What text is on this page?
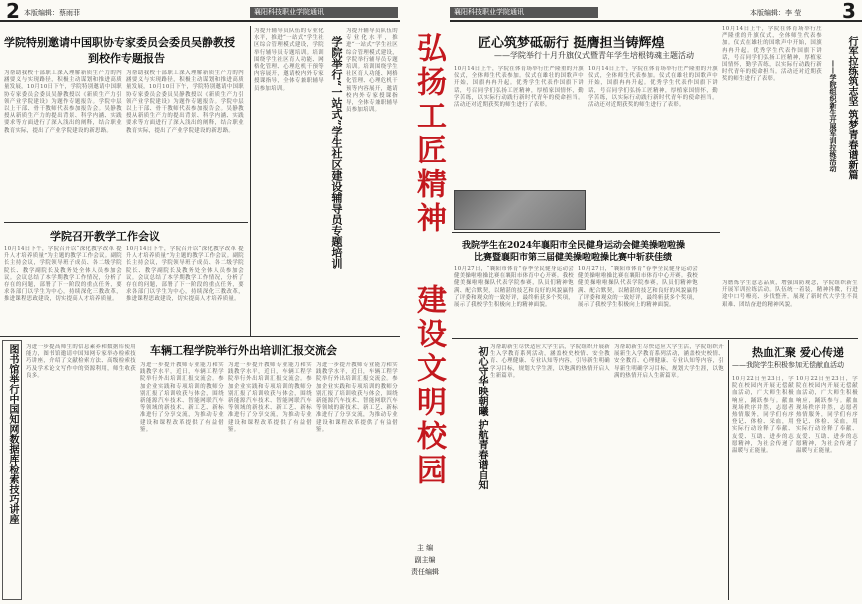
2 本版编辑：蔡雨菲	襄阳科技职业学院通讯	襄阳科技职业学院通讯	本版编辑：李 莹 3
学院特别邀请中国职协专家委员会委员吴静教授
到校作专题报告
为帮助我校干部职工深入理解新质生产力的内涵要义与实现路径，积极主动谋划和推进高质量发展，10月10日下午，学院特别邀请中国职协专家委员会委员吴静教授以《新质生产力引领产业学院建设》为题作专题报告。学院中层以上干部、骨干教师代表参加报告会。吴静教授从新质生产力的提出背景、科学内涵、实践要求等方面进行了深入浅出的阐释，结合职业教育实际，提出了产业学院建设的新思路。
为帮助我校干部职工深入理解新质生产力的内涵要义与实现路径，积极主动谋划和推进高质量发展，10月10日下午，学院特别邀请中国职协专家委员会委员吴静教授以《新质生产力引领产业学院建设》为题作专题报告。学院中层以上干部、骨干教师代表参加报告会。吴静教授从新质生产力的提出背景、科学内涵、实践要求等方面进行了深入浅出的阐释，结合职业教育实际，提出了产业学院建设的新思路。
学院召开教学工作会议
10月14日下午，学院召开以“深化教学改革 提升人才培养质量”为主题的教学工作会议。副院长主持会议，学院领导班子成员、各二级学院院长、教学副院长及教务处全体人员参加会议。会议总结了本学期教学工作情况，分析了存在的问题，部署了下一阶段的重点任务，要求各部门以学生为中心，持续深化三教改革，推进课程思政建设，切实提高人才培养质量。
10月14日下午，学院召开以“深化教学改革 提升人才培养质量”为主题的教学工作会议。副院长主持会议，学院领导班子成员、各二级学院院长、教学副院长及教务处全体人员参加会议。会议总结了本学期教学工作情况，分析了存在的问题，部署了下一阶段的重点任务，要求各部门以学生为中心，持续深化三教改革，推进课程思政建设，切实提高人才培养质量。
为提升辅导员队伍的专业化水平，推进“一站式”学生社区综合管理模式建设，学院举行辅导员专题培训。培训围绕学生社区育人功能、网格化管理、心理危机干预等内容展开，邀请校内外专家授课指导，全体专兼职辅导员参加培训。	学院举行“一站式”学生社区建设辅导员专题培训
为提升辅导员队伍的专业化水平，推进“一站式”学生社区综合管理模式建设，学院举行辅导员专题培训。培训围绕学生社区育人功能、网格化管理、心理危机干预等内容展开，邀请校内外专家授课指导，全体专兼职辅导员参加培训。
图书馆举行中国知网数据库检索技巧讲座	为进一步提高师生的信息素养和数据库使用能力，图书馆邀请中国知网专家举办检索技巧讲座，介绍了文献检索方法、高级检索技巧及学术论文写作中的资源利用，师生收获良多。
车辆工程学院举行外出培训汇报交流会
为进一步提升教师专业能力和实践教学水平，近日，车辆工程学院举行外出培训汇报交流会。参加企业实践和专项培训的教师分别汇报了培训收获与体会，围绕新能源汽车技术、智能网联汽车等领域的新技术、新工艺、新标准进行了分享交流，为推动专业建设和课程改革提供了有益借鉴。
为进一步提升教师专业能力和实践教学水平，近日，车辆工程学院举行外出培训汇报交流会。参加企业实践和专项培训的教师分别汇报了培训收获与体会，围绕新能源汽车技术、智能网联汽车等领域的新技术、新工艺、新标准进行了分享交流，为推动专业建设和课程改革提供了有益借鉴。
为进一步提升教师专业能力和实践教学水平，近日，车辆工程学院举行外出培训汇报交流会。参加企业实践和专项培训的教师分别汇报了培训收获与体会，围绕新能源汽车技术、智能网联汽车等领域的新技术、新工艺、新标准进行了分享交流，为推动专业建设和课程改革提供了有益借鉴。
弘扬工匠精神
建设文明校园
主 编
副主编
责任编辑
匠心筑梦砥砺行 挺膺担当铸辉煌
——学院举行十月升旗仪式暨青年学生培根铸魂主题活动
10月14日上午，学院在体育场举行庄严隆重的升旗仪式，全体师生代表参加。仪式在雄壮的国歌声中开始，国旗冉冉升起。优秀学生代表作国旗下讲话，号召同学们弘扬工匠精神，厚植家国情怀，勤学苦练，以实际行动践行新时代青年的使命担当。活动还对近期获奖的师生进行了表彰。
10月14日上午，学院在体育场举行庄严隆重的升旗仪式，全体师生代表参加。仪式在雄壮的国歌声中开始，国旗冉冉升起。优秀学生代表作国旗下讲话，号召同学们弘扬工匠精神，厚植家国情怀，勤学苦练，以实际行动践行新时代青年的使命担当。活动还对近期获奖的师生进行了表彰。
10月14日上午，学院在体育场举行庄严隆重的升旗仪式，全体师生代表参加。仪式在雄壮的国歌声中开始，国旗冉冉升起。优秀学生代表作国旗下讲话，号召同学们弘扬工匠精神，厚植家国情怀，勤学苦练，以实际行动践行新时代青年的使命担当。活动还对近期获奖的师生进行了表彰。	行军拉练筑志坚 筑梦青春谱新篇
——学院组织新生开展军训拉练活动
我院学生在2024年襄阳市全民健身运动会健美操啦啦操
比赛暨襄阳市第三届健美操啦啦操比赛中斩获佳绩
10月27日，“襄阳市体育”春季全民健身运动会健美操啦啦操比赛在襄阳市体育中心开赛。我校健美操啦啦操队代表学院参赛，队员们精神饱满、配合默契，以精湛的技艺和良好的风貌赢得了评委和观众的一致好评，最终斩获多个奖项，展示了我校学生积极向上的精神面貌。
10月27日，“襄阳市体育”春季全民健身运动会健美操啦啦操比赛在襄阳市体育中心开赛。我校健美操啦啦操队代表学院参赛，队员们精神饱满、配合默契，以精湛的技艺和良好的风貌赢得了评委和观众的一致好评，最终斩获多个奖项，展示了我校学生积极向上的精神面貌。
为磨炼学生意志品质，增强国防观念，学院组织新生开展军训拉练活动。队伍统一着装，精神抖擞，行进途中口号嘹亮、步伐整齐，展现了新时代大学生不畏艰难、团结奋进的精神风貌。
初心守华映朝曦 护航青春谱自知 为帮助新生尽快适应大学生活，学院组织开展新生入学教育系列活动，涵盖校史校情、安全教育、心理健康、专业认知等内容，引导新生明确学习目标，规划大学生涯，以饱满的热情开启人生新篇章。
为帮助新生尽快适应大学生活，学院组织开展新生入学教育系列活动，涵盖校史校情、安全教育、心理健康、专业认知等内容，引导新生明确学习目标，规划大学生涯，以饱满的热情开启人生新篇章。
热血汇聚 爱心传递
——我院学生积极参加无偿献血活动
10月22日至23日，学院在校园内开展无偿献血活动，广大师生积极响应，踊跃参与。献血现场秩序井然，志愿者热情服务，同学们有序登记、体检、采血，用实际行动诠释了奉献、友爱、互助、进步的志愿精神，为社会传递了温暖与正能量。
10月22日至23日，学院在校园内开展无偿献血活动，广大师生积极响应，踊跃参与。献血现场秩序井然，志愿者热情服务，同学们有序登记、体检、采血，用实际行动诠释了奉献、友爱、互助、进步的志愿精神，为社会传递了温暖与正能量。
